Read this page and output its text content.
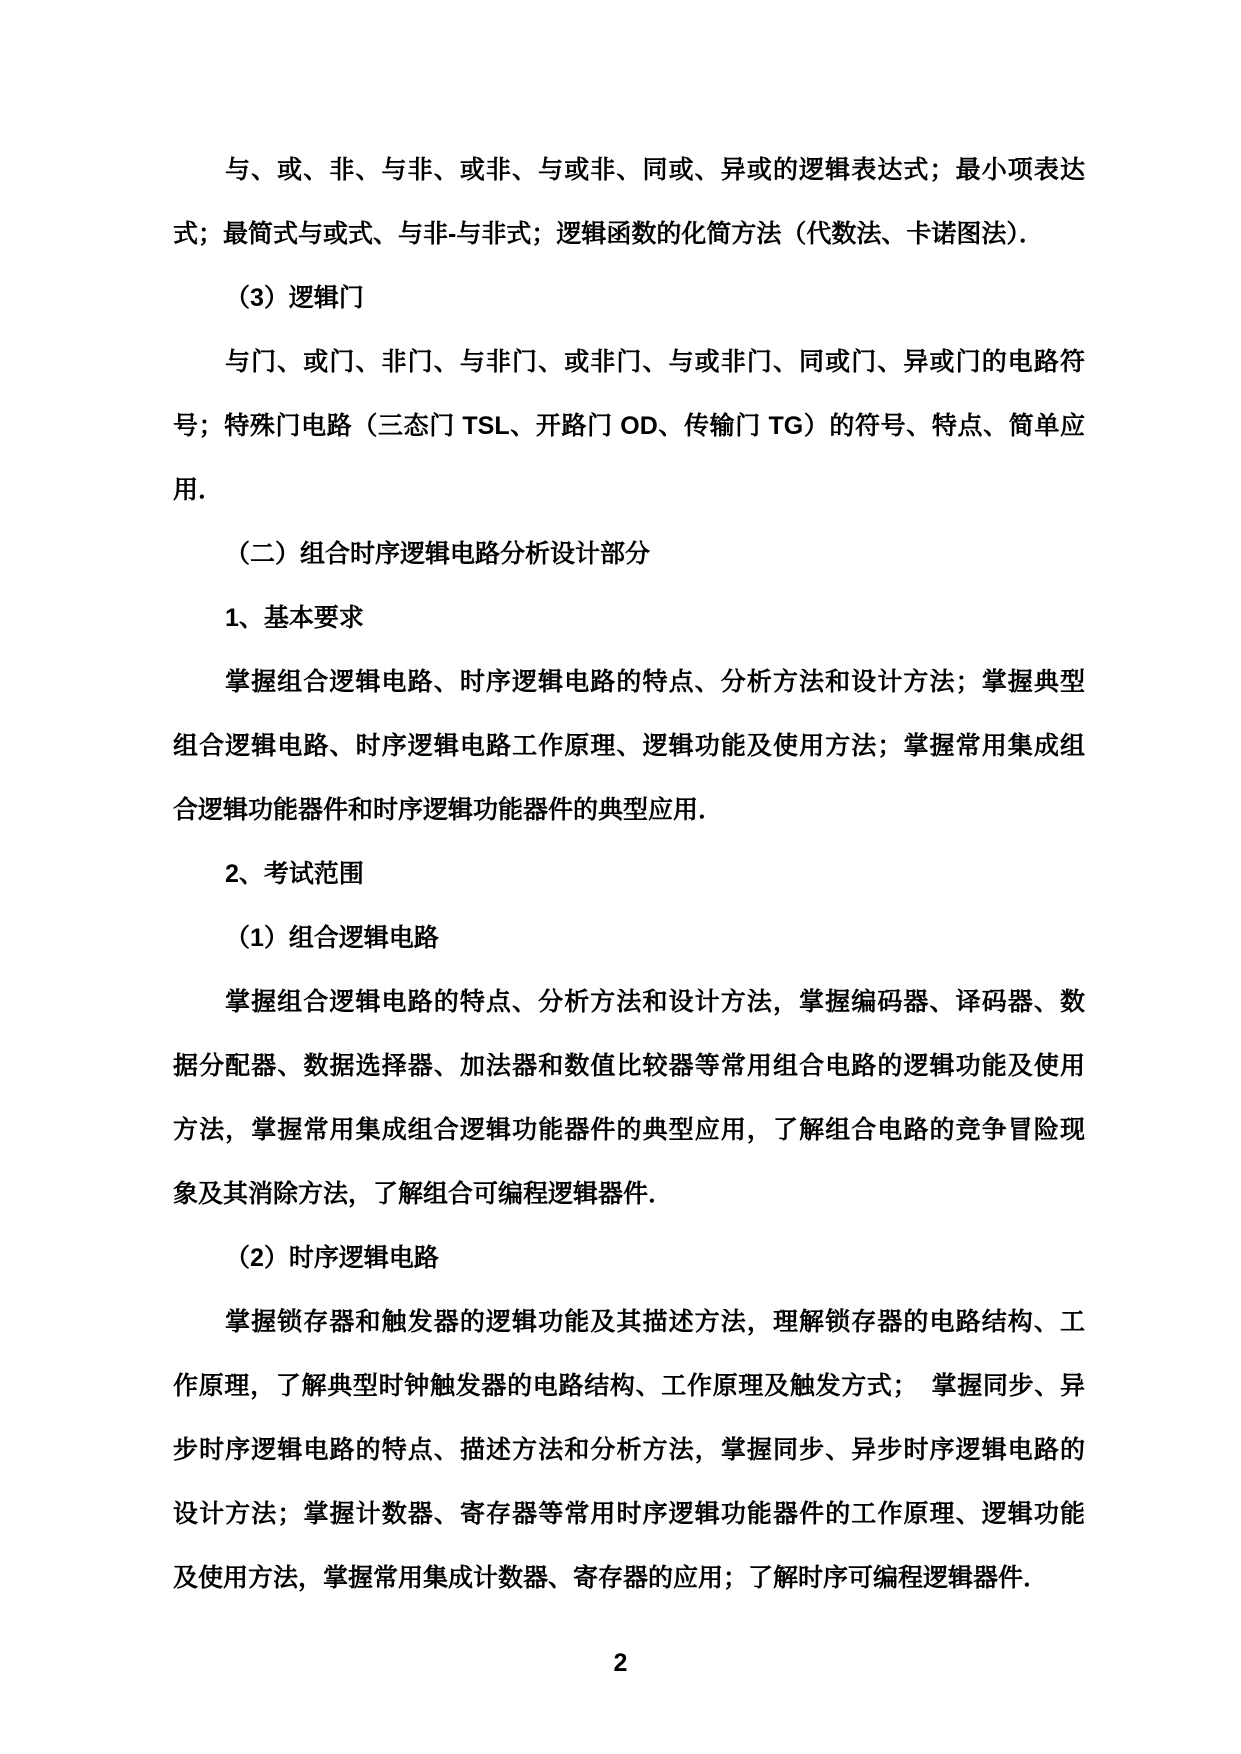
与、或、非、与非、或非、与或非、同或、异或的逻辑表达式；最小项表达
式；最简式与或式、与非-与非式；逻辑函数的化简方法（代数法、卡诺图法）．
（3）逻辑门
与门、或门、非门、与非门、或非门、与或非门、同或门、异或门的电路符
号；特殊门电路（三态门 TSL、开路门 OD、传输门 TG）的符号、特点、简单应
用．
（二）组合时序逻辑电路分析设计部分
1、基本要求
掌握组合逻辑电路、时序逻辑电路的特点、分析方法和设计方法；掌握典型
组合逻辑电路、时序逻辑电路工作原理、逻辑功能及使用方法；掌握常用集成组
合逻辑功能器件和时序逻辑功能器件的典型应用．
2、考试范围
（1）组合逻辑电路
掌握组合逻辑电路的特点、分析方法和设计方法，掌握编码器、译码器、数
据分配器、数据选择器、加法器和数值比较器等常用组合电路的逻辑功能及使用
方法，掌握常用集成组合逻辑功能器件的典型应用，了解组合电路的竞争冒险现
象及其消除方法，了解组合可编程逻辑器件．
（2）时序逻辑电路
掌握锁存器和触发器的逻辑功能及其描述方法，理解锁存器的电路结构、工
作原理，了解典型时钟触发器的电路结构、工作原理及触发方式；　掌握同步、异
步时序逻辑电路的特点、描述方法和分析方法，掌握同步、异步时序逻辑电路的
设计方法；掌握计数器、寄存器等常用时序逻辑功能器件的工作原理、逻辑功能
及使用方法，掌握常用集成计数器、寄存器的应用；了解时序可编程逻辑器件．
2
